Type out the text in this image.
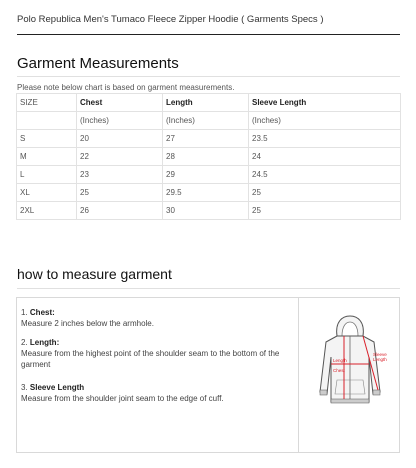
Polo Republica Men's Tumaco Fleece Zipper Hoodie ( Garments Specs )
Garment Measurements
Please note below chart is based on garment measurements.
SIZE	Chest	Length	Sleeve Length
	(Inches)	(Inches)	(Inches)
S	20	27	23.5
M	22	28	24
L	23	29	24.5
XL	25	29.5	25
2XL	26	30	25
how to measure garment
1. Chest:
Measure 2 inches below the armhole.
2. Length:
Measure from the highest point of the shoulder seam to the bottom of the garment
3. Sleeve Length
Measure from the shoulder joint seam to the edge of cuff.
Length
Sleeve
Length
Chest
